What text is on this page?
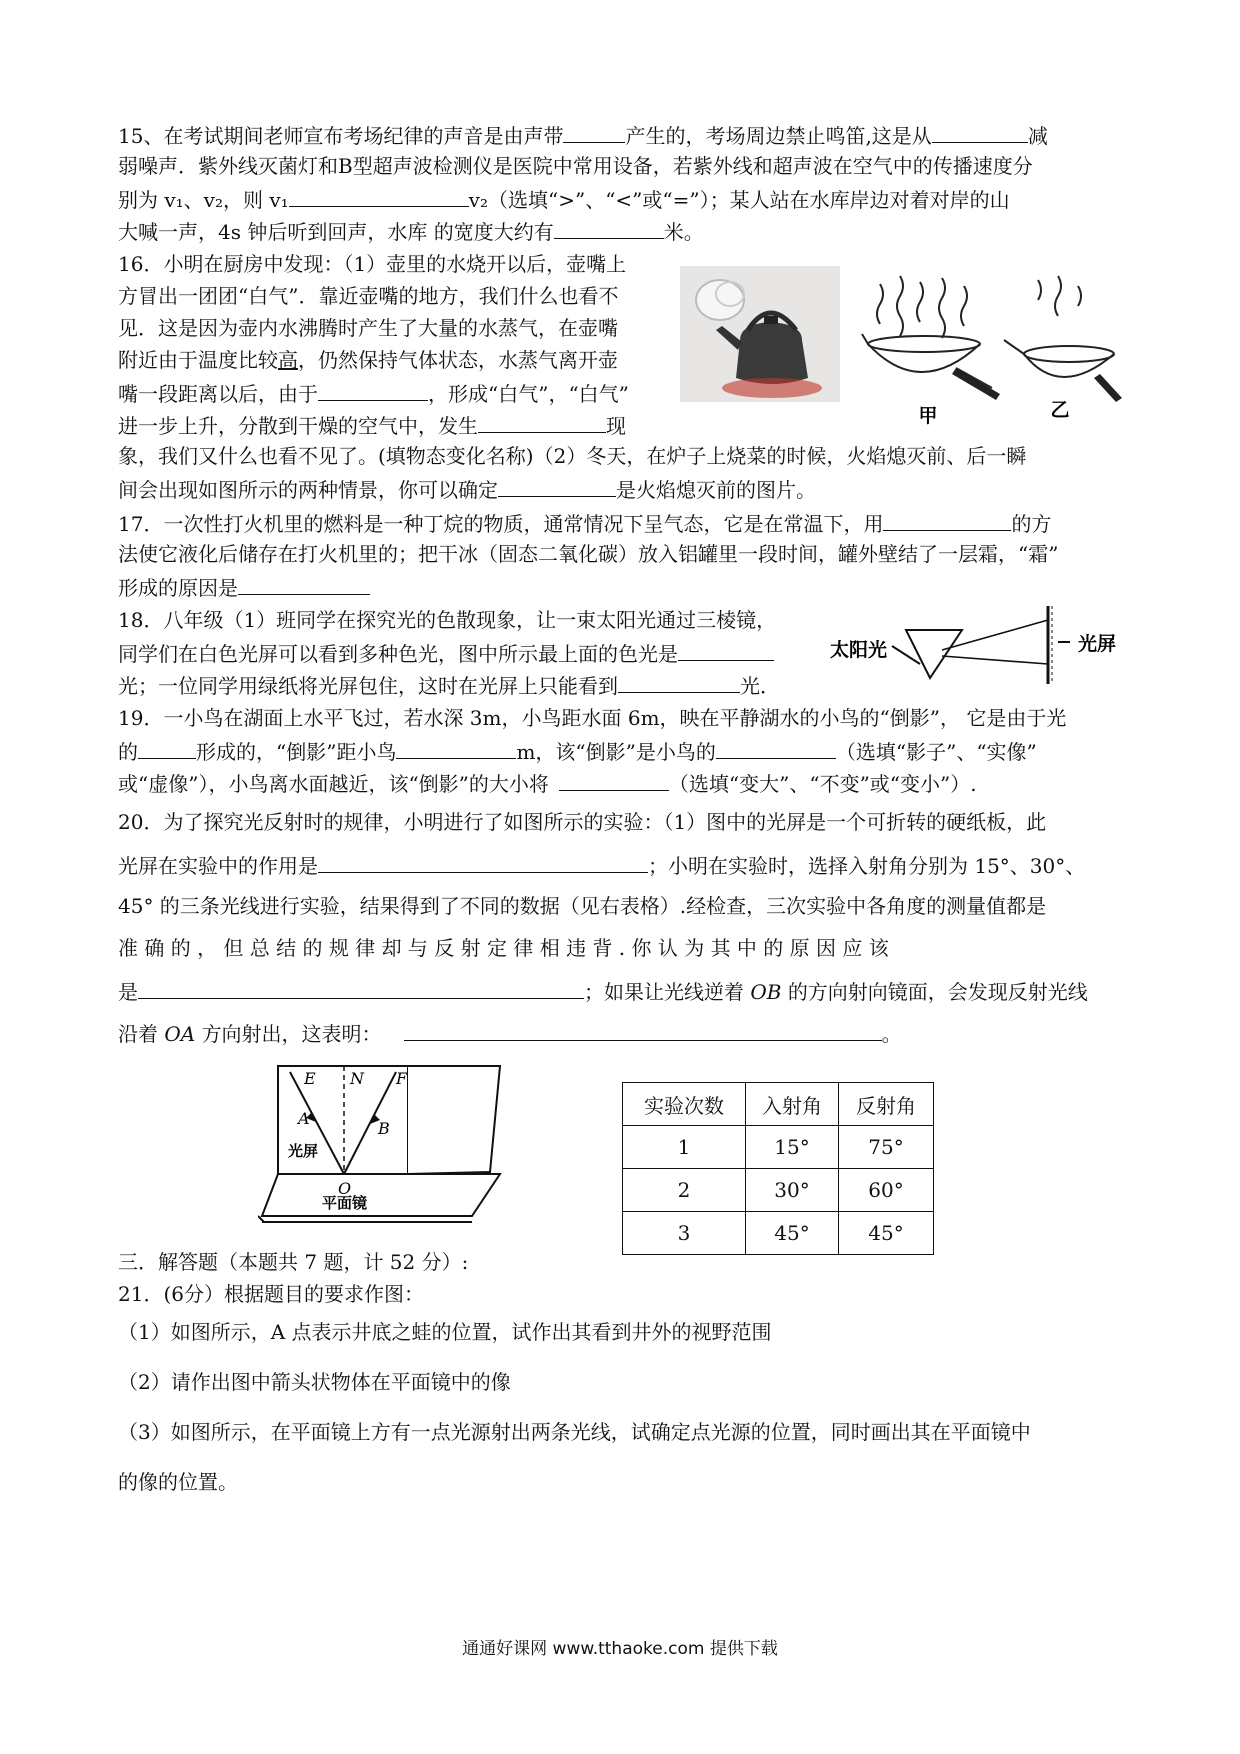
15、在考试期间老师宣布考场纪律的声音是由声带	产生的，考场周边禁止鸣笛,这是从	减
弱噪声．紫外线灭菌灯和B型超声波检测仪是医院中常用设备，若紫外线和超声波在空气中的传播速度分
别为 v₁、v₂，则 v₁	v₂（选填“>”、“<”或“=”）；某人站在水库岸边对着对岸的山
大喊一声，4s 钟后听到回声，水库 的宽度大约有	米。
16．小明在厨房中发现：（1）壶里的水烧开以后，壶嘴上
方冒出一团团“白气”．靠近壶嘴的地方，我们什么也看不
见．这是因为壶内水沸腾时产生了大量的水蒸气，在壶嘴
附近由于温度比较高，仍然保持气体状态，水蒸气离开壶
嘴一段距离以后，由于	，形成“白气”，“白气”
进一步上升，分散到干燥的空气中，发生	现
象，我们又什么也看不见了。(填物态变化名称)（2）冬天，在炉子上烧菜的时候，火焰熄灭前、后一瞬
间会出现如图所示的两种情景，你可以确定	是火焰熄灭前的图片。
甲	乙
17．一次性打火机里的燃料是一种丁烷的物质，通常情况下呈气态，它是在常温下，用	的方
法使它液化后储存在打火机里的；把干冰（固态二氧化碳）放入铝罐里一段时间，罐外壁结了一层霜，“霜”
形成的原因是
18．八年级（1）班同学在探究光的色散现象，让一束太阳光通过三棱镜，
同学们在白色光屏可以看到多种色光，图中所示最上面的色光是
光；一位同学用绿纸将光屏包住，这时在光屏上只能看到	光．
太阳光	光屏
19．一小鸟在湖面上水平飞过，若水深 3m，小鸟距水面 6m，映在平静湖水的小鸟的“倒影”， 它是由于光
的	形成的，“倒影”距小鸟	m，该“倒影”是小鸟的	（选填“影子”、“实像”
或“虚像”），小鸟离水面越近，该“倒影”的大小将	（选填“变大”、“不变”或“变小”）.
20．为了探究光反射时的规律，小明进行了如图所示的实验：（1）图中的光屏是一个可折转的硬纸板，此
光屏在实验中的作用是	；小明在实验时，选择入射角分别为 15°、30°、
45° 的三条光线进行实验，结果得到了不同的数据（见右表格）.经检查，三次实验中各角度的测量值都是
准 确 的 ， 但 总 结 的 规 律 却 与 反 射 定 律 相 违 背 . 你 认 为 其 中 的 原 因 应 该
是	；如果让光线逆着 OB 的方向射向镜面，会发现反射光线
沿着 OA 方向射出，这表明：	。
E N F
A
B
O
光屏
平面镜
实验次数	入射角	反射角
1	15°	75°
2	30°	60°
3	45°	45°
三．解答题（本题共 7 题，计 52 分）:
21．(6分）根据题目的要求作图：
（1）如图所示，A 点表示井底之蛙的位置，试作出其看到井外的视野范围
（2）请作出图中箭头状物体在平面镜中的像
（3）如图所示，在平面镜上方有一点光源射出两条光线，试确定点光源的位置，同时画出其在平面镜中
的像的位置。
通通好课网 www.tthaoke.com 提供下载
